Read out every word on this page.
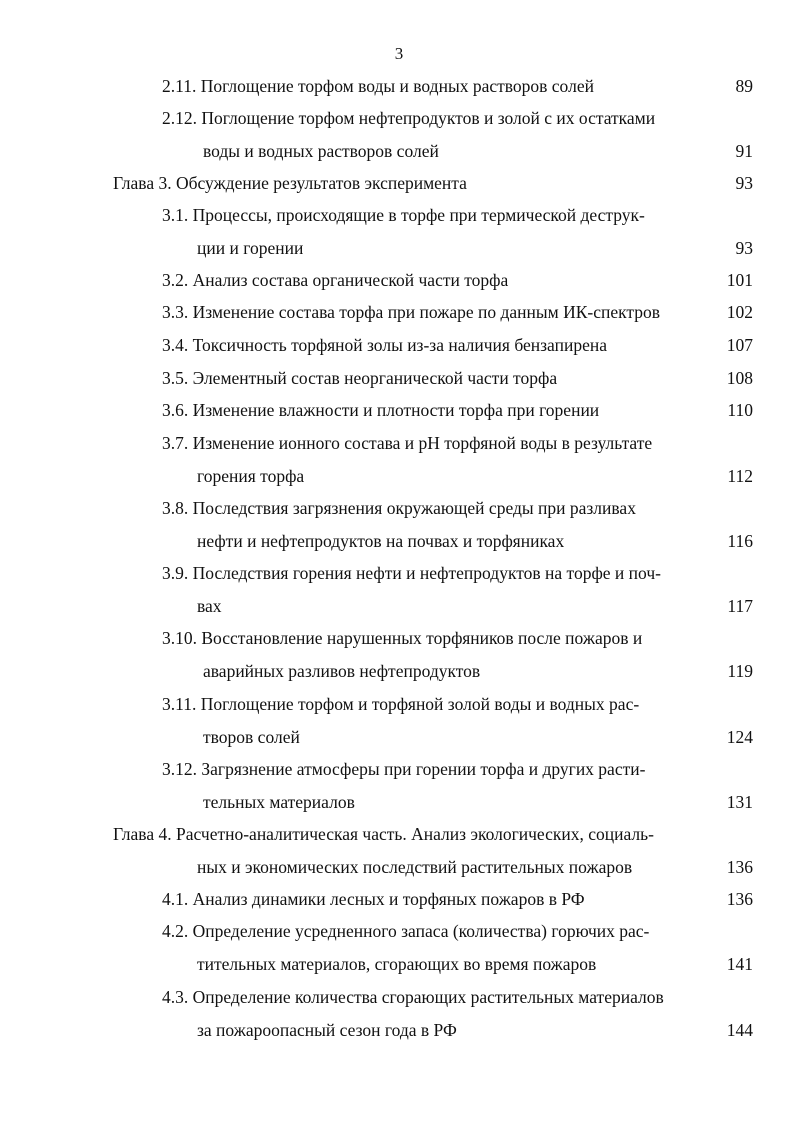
3
2.11. Поглощение торфом воды и водных растворов солей	89
2.12. Поглощение торфом нефтепродуктов и золой с их остатками
воды и водных растворов солей	91
Глава 3. Обсуждение результатов эксперимента	93
3.1. Процессы, происходящие в торфе при термической деструк-
ции и горении	93
3.2. Анализ состава органической части торфа	101
3.3. Изменение состава торфа при пожаре по данным ИК-спектров	102
3.4. Токсичность торфяной золы из-за наличия бензапирена	107
3.5. Элементный состав неорганической части торфа	108
3.6. Изменение влажности и плотности торфа при горении	110
3.7. Изменение ионного состава и pH торфяной воды в результате
горения торфа	112
3.8. Последствия загрязнения окружающей среды при разливах
нефти и нефтепродуктов на почвах и торфяниках	116
3.9. Последствия горения нефти и нефтепродуктов на торфе и поч-
вах	117
3.10. Восстановление нарушенных торфяников после пожаров и
аварийных разливов нефтепродуктов	119
3.11. Поглощение торфом и торфяной золой воды и водных рас-
творов солей	124
3.12. Загрязнение атмосферы при горении торфа и других расти-
тельных материалов	131
Глава 4. Расчетно-аналитическая часть. Анализ экологических, социаль-
ных и экономических последствий растительных пожаров	136
4.1. Анализ динамики лесных и торфяных пожаров в РФ	136
4.2. Определение усредненного запаса (количества) горючих рас-
тительных материалов, сгорающих во время пожаров	141
4.3. Определение количества сгорающих растительных материалов
за пожароопасный сезон года в РФ	144
